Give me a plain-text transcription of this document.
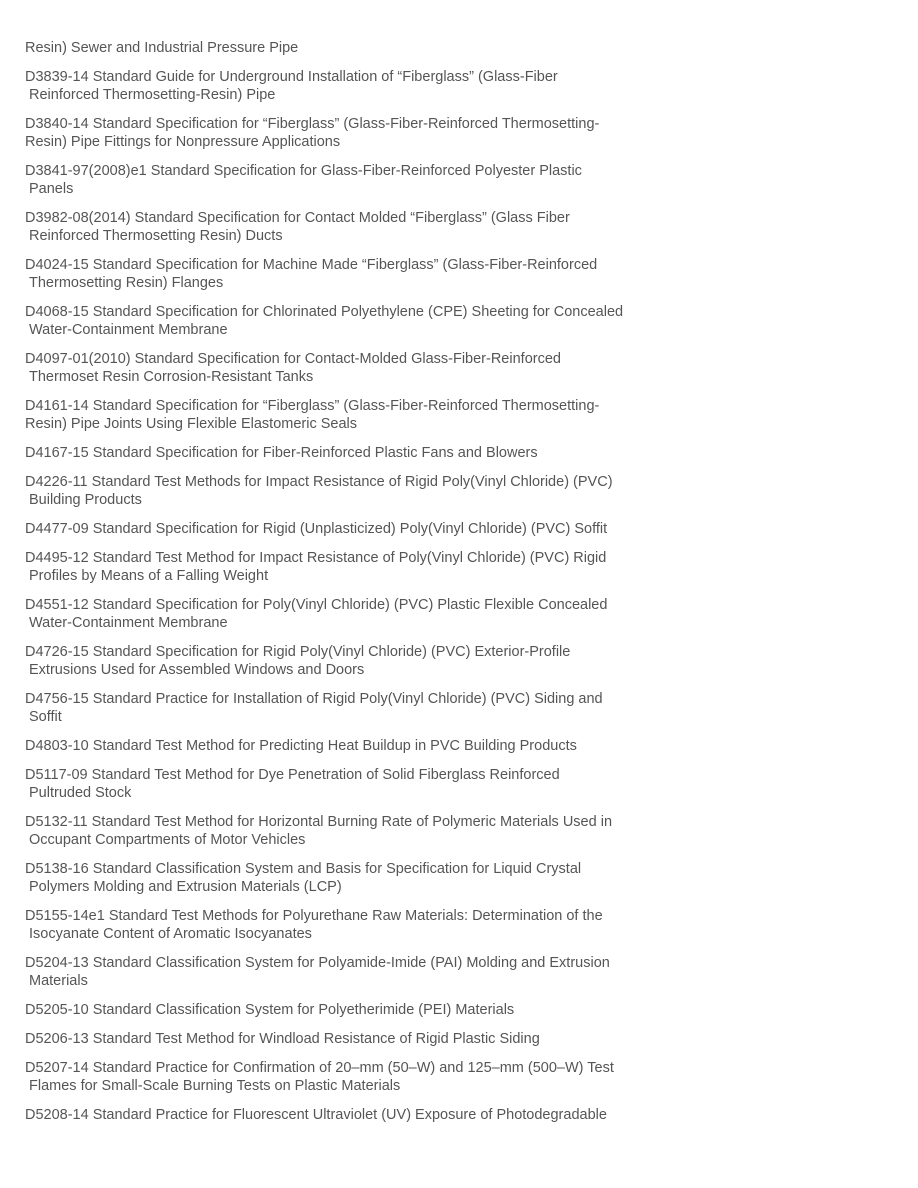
Resin) Sewer and Industrial Pressure Pipe
D3839-14 Standard Guide for Underground Installation of “Fiberglass” (Glass-Fiber
Reinforced Thermosetting-Resin) Pipe
D3840-14 Standard Specification for “Fiberglass” (Glass-Fiber-Reinforced Thermosetting-
Resin) Pipe Fittings for Nonpressure Applications
D3841-97(2008)e1 Standard Specification for Glass-Fiber-Reinforced Polyester Plastic
Panels
D3982-08(2014) Standard Specification for Contact Molded “Fiberglass” (Glass Fiber
Reinforced Thermosetting Resin) Ducts
D4024-15 Standard Specification for Machine Made “Fiberglass” (Glass-Fiber-Reinforced
Thermosetting Resin) Flanges
D4068-15 Standard Specification for Chlorinated Polyethylene (CPE) Sheeting for Concealed
Water-Containment Membrane
D4097-01(2010) Standard Specification for Contact-Molded Glass-Fiber-Reinforced
Thermoset Resin Corrosion-Resistant Tanks
D4161-14 Standard Specification for “Fiberglass” (Glass-Fiber-Reinforced Thermosetting-
Resin) Pipe Joints Using Flexible Elastomeric Seals
D4167-15 Standard Specification for Fiber-Reinforced Plastic Fans and Blowers
D4226-11 Standard Test Methods for Impact Resistance of Rigid Poly(Vinyl Chloride) (PVC)
Building Products
D4477-09 Standard Specification for Rigid (Unplasticized) Poly(Vinyl Chloride) (PVC) Soffit
D4495-12 Standard Test Method for Impact Resistance of Poly(Vinyl Chloride) (PVC) Rigid
Profiles by Means of a Falling Weight
D4551-12 Standard Specification for Poly(Vinyl Chloride) (PVC) Plastic Flexible Concealed
Water-Containment Membrane
D4726-15 Standard Specification for Rigid Poly(Vinyl Chloride) (PVC) Exterior-Profile
Extrusions Used for Assembled Windows and Doors
D4756-15 Standard Practice for Installation of Rigid Poly(Vinyl Chloride) (PVC) Siding and
Soffit
D4803-10 Standard Test Method for Predicting Heat Buildup in PVC Building Products
D5117-09 Standard Test Method for Dye Penetration of Solid Fiberglass Reinforced
Pultruded Stock
D5132-11 Standard Test Method for Horizontal Burning Rate of Polymeric Materials Used in
Occupant Compartments of Motor Vehicles
D5138-16 Standard Classification System and Basis for Specification for Liquid Crystal
Polymers Molding and Extrusion Materials (LCP)
D5155-14e1 Standard Test Methods for Polyurethane Raw Materials: Determination of the
Isocyanate Content of Aromatic Isocyanates
D5204-13 Standard Classification System for Polyamide-Imide (PAI) Molding and Extrusion
Materials
D5205-10 Standard Classification System for Polyetherimide (PEI) Materials
D5206-13 Standard Test Method for Windload Resistance of Rigid Plastic Siding
D5207-14 Standard Practice for Confirmation of 20–mm (50–W) and 125–mm (500–W) Test
Flames for Small-Scale Burning Tests on Plastic Materials
D5208-14 Standard Practice for Fluorescent Ultraviolet (UV) Exposure of Photodegradable
